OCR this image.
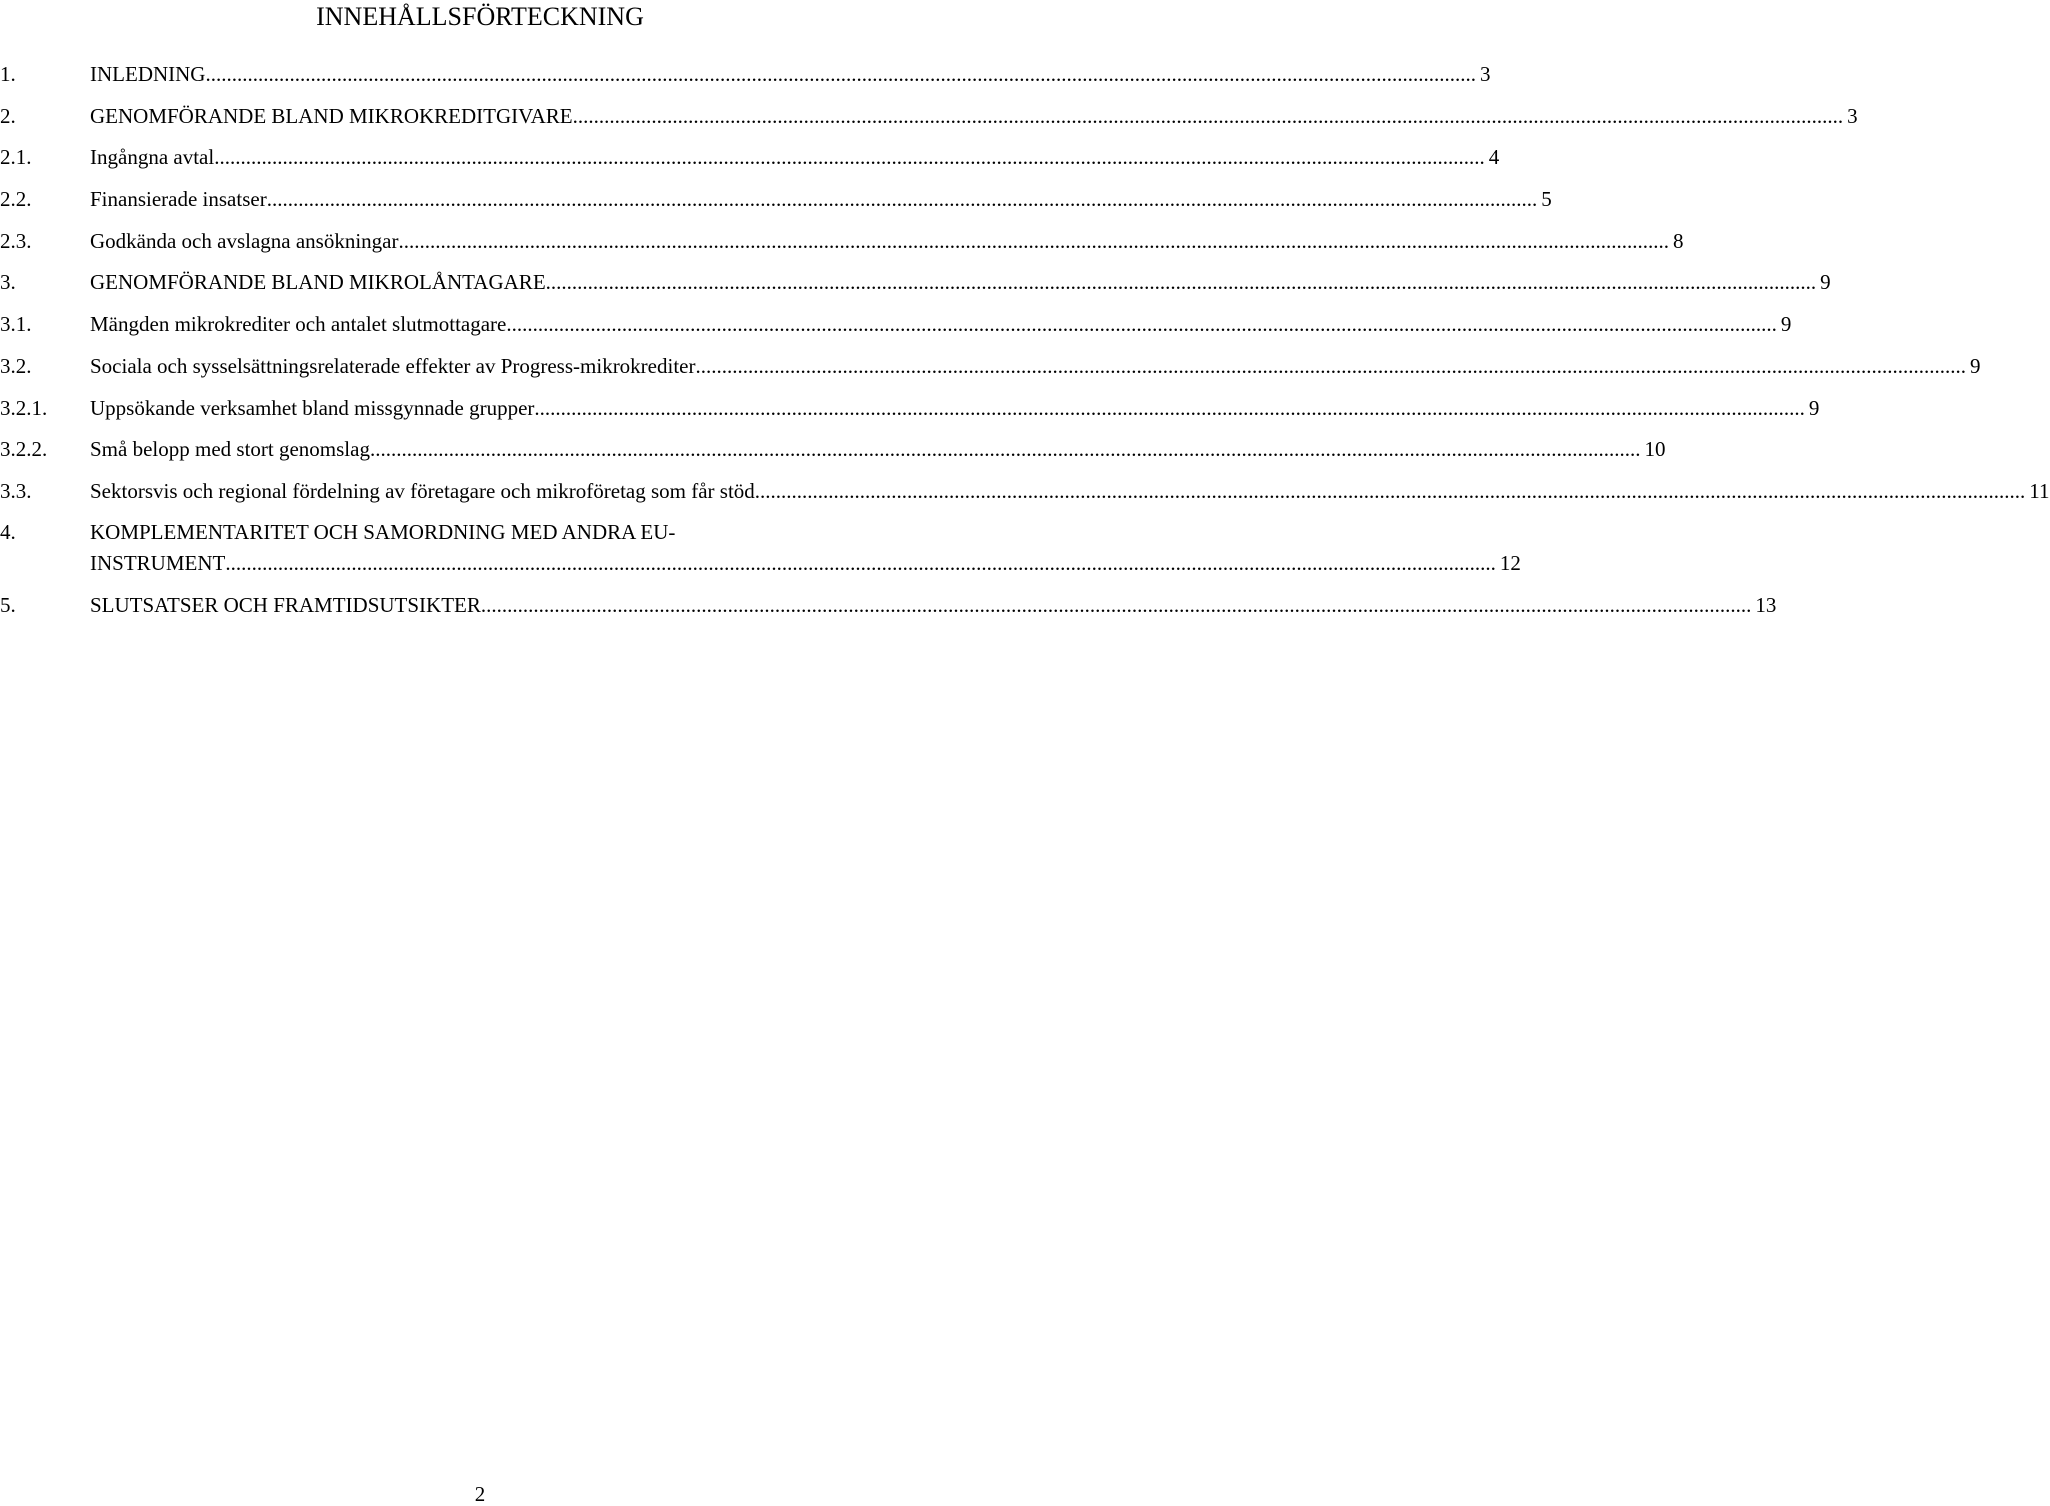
INNEHÅLLSFÖRTECKNING
1.	INLEDNING .....	3
2.	GENOMFÖRANDE BLAND MIKROKREDITGIVARE .....	3
2.1.	Ingångna avtal .....	4
2.2.	Finansierade insatser .....	5
2.3.	Godkända och avslagna ansökningar .....	8
3.	GENOMFÖRANDE BLAND MIKROLÅNTAGARE .....	9
3.1.	Mängden mikrokrediter och antalet slutmottagare .....	9
3.2.	Sociala och sysselsättningsrelaterade effekter av Progress-mikrokrediter .....	9
3.2.1.	Uppsökande verksamhet bland missgynnade grupper .....	9
3.2.2.	Små belopp med stort genomslag .....	10
3.3.	Sektorsvis och regional fördelning av företagare och mikroföretag som får stöd .....	11
4.	KOMPLEMENTARITET OCH SAMORDNING MED ANDRA EU-
INSTRUMENT .....	12
5.	SLUTSATSER OCH FRAMTIDSUTSIKTER .....	13
2
